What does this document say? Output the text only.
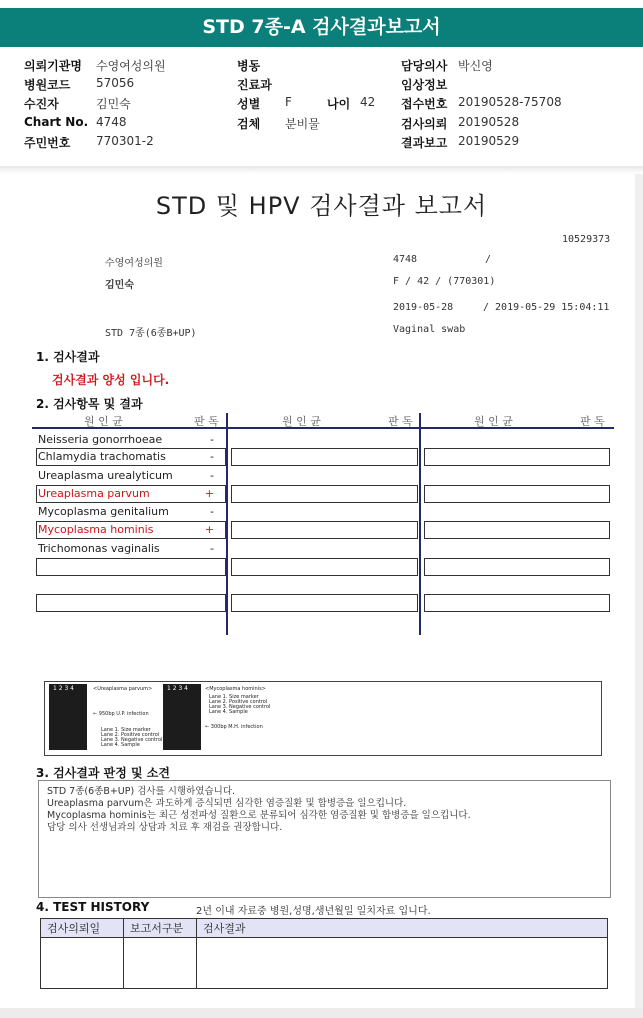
STD 7종-A 검사결과보고서
의뢰기관명 수영여성의원
병원코드 57056
수진자	김민숙
Chart No. 4748
주민번호 770301-2
병동
진료과
성별 F	나이 42
검체 분비물
담당의사 박신영
임상정보
접수번호 20190528-75708
검사의뢰 20190528
결과보고 20190529
STD 및 HPV 검사결과 보고서
10529373
수영여성의원	4748	/
김민숙	F / 42 / (770301)
2019-05-28	/ 2019-05-29 15:04:11
STD 7종(6종B+UP)	Vaginal swab
1. 검사결과
검사결과 양성 입니다.
2. 검사항목 및 결과
원 인 균	판 독	원 인 균	판 독	원 인 균	판 독
Neisseria gonorrhoeae	-
Chlamydia trachomatis	-
Ureaplasma urealyticum	-
Ureaplasma parvum	+
Mycoplasma genitalium	-
Mycoplasma hominis	+
Trichomonas vaginalis	-
1 2 3 4	<Ureaplasma parvum>
← 950bp U.P. infection
Lane 1. Size marker
Lane 2. Positive control
Lane 3. Negative control
Lane 4. Sample
1 2 3 4	<Mycoplasma hominis>
Lane 1. Size marker
Lane 2. Positive control
Lane 3. Negative control
Lane 4. Sample
← 300bp M.H. infection
3. 검사결과 판정 및 소견
STD 7종(6종B+UP) 검사를 시행하였습니다.
Ureaplasma parvum은 과도하게 증식되면 심각한 염증질환 및 합병증을 일으킵니다.
Mycoplasma hominis는 최근 성전파성 질환으로 분류되어 심각한 염증질환 및 합병증을 일으킵니다.
담당 의사 선생님과의 상담과 치료 후 재검을 권장합니다.
4. TEST HISTORY	2년 이내 자료중 병원,성명,생년월일 일치자료 입니다.
검사의뢰일	보고서구분	검사결과
